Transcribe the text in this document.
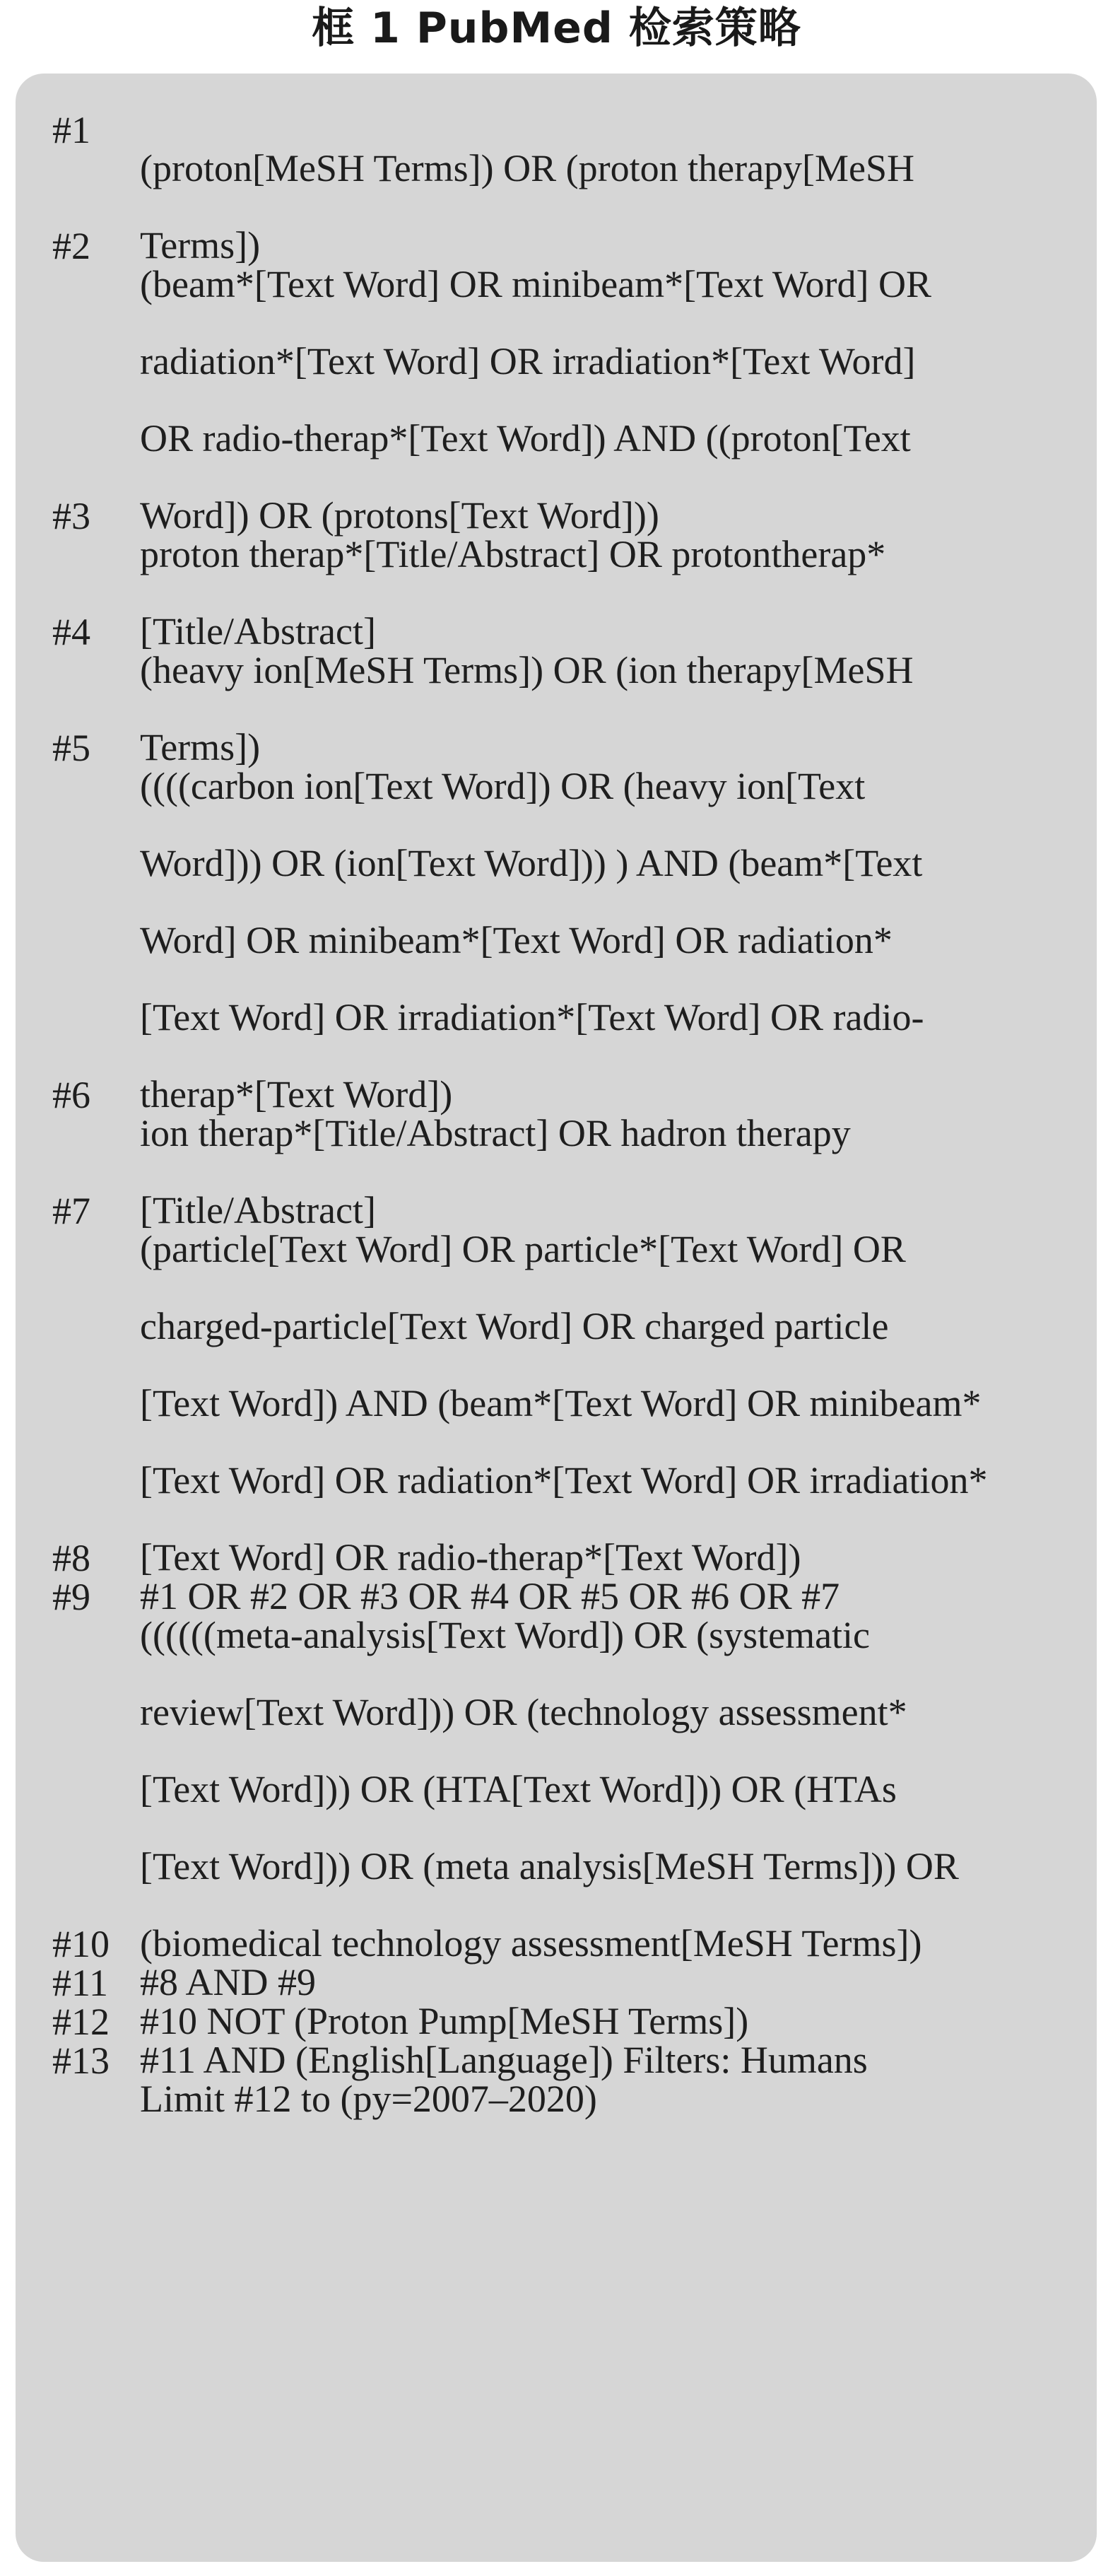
框 1 PubMed 检索策略
#1
(proton[MeSH Terms]) OR (proton therapy[MeSH
Terms])
#2
(beam*[Text Word] OR minibeam*[Text Word] OR
radiation*[Text Word] OR irradiation*[Text Word]
OR radio-therap*[Text Word]) AND ((proton[Text
Word]) OR (protons[Text Word]))
#3
proton therap*[Title/Abstract] OR protontherap*
[Title/Abstract]
#4
(heavy ion[MeSH Terms]) OR (ion therapy[MeSH
Terms])
#5
((((carbon ion[Text Word]) OR (heavy ion[Text
Word])) OR (ion[Text Word])) ) AND (beam*[Text
Word] OR minibeam*[Text Word] OR radiation*
[Text Word] OR irradiation*[Text Word] OR radio-
therap*[Text Word])
#6
ion therap*[Title/Abstract] OR hadron therapy
[Title/Abstract]
#7
(particle[Text Word] OR particle*[Text Word] OR
charged-particle[Text Word] OR charged particle
[Text Word]) AND (beam*[Text Word] OR minibeam*
[Text Word] OR radiation*[Text Word] OR irradiation*
[Text Word] OR radio-therap*[Text Word])
#8
#1 OR #2 OR #3 OR #4 OR #5 OR #6 OR #7
#9
((((((meta-analysis[Text Word]) OR (systematic
review[Text Word])) OR (technology assessment*
[Text Word])) OR (HTA[Text Word])) OR (HTAs
[Text Word])) OR (meta analysis[MeSH Terms])) OR
(biomedical technology assessment[MeSH Terms])
#10
#8 AND #9
#11
#10 NOT (Proton Pump[MeSH Terms])
#12
#11 AND (English[Language]) Filters: Humans
#13
Limit #12 to (py=2007–2020)
